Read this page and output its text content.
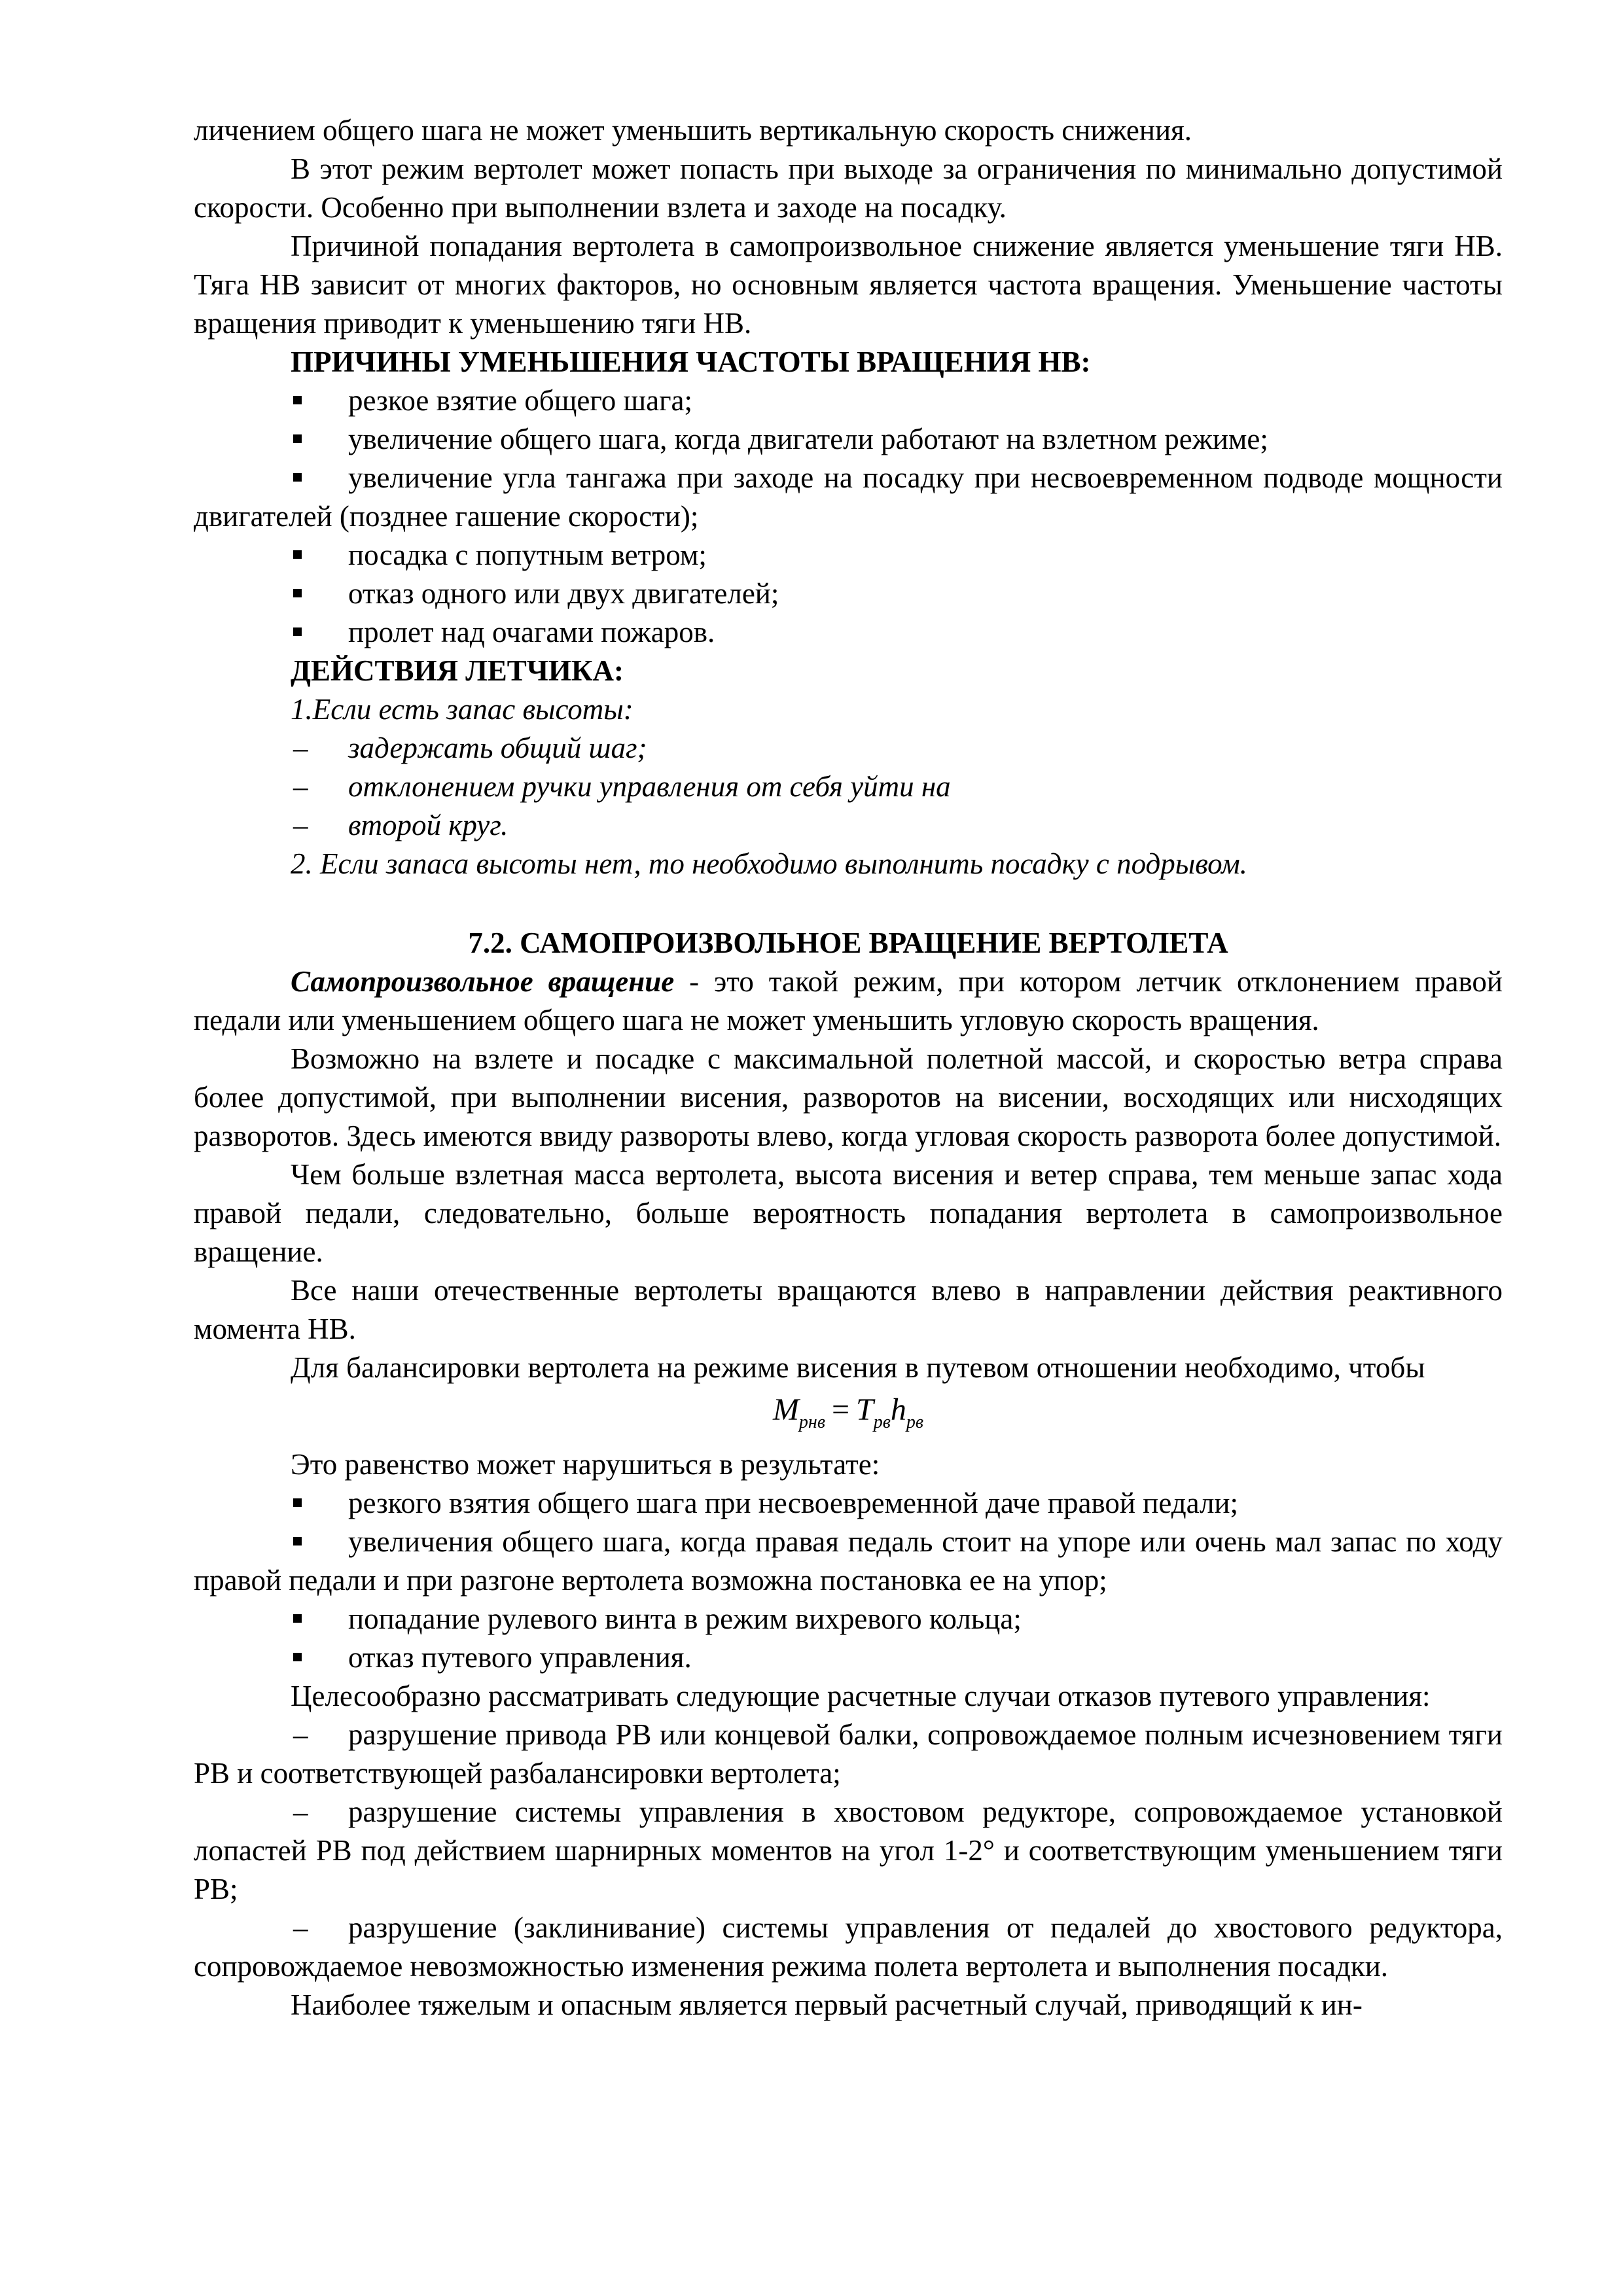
личением общего шага не может уменьшить вертикальную скорость снижения.

В этот режим вертолет может попасть при выходе за ограничения по минимально допустимой скорости. Особенно при выполнении взлета и заходе на посадку.

Причиной попадания вертолета в самопроизвольное снижение является уменьшение тяги НВ. Тяга НВ зависит от многих факторов, но основным является частота вращения. Уменьшение частоты вращения приводит к уменьшению тяги НВ.

ПРИЧИНЫ УМЕНЬШЕНИЯ ЧАСТОТЫ ВРАЩЕНИЯ НВ:

резкое взятие общего шага;
увеличение общего шага, когда двигатели работают на взлетном режиме;

увеличение угла тангажа при заходе на посадку при несвоевременном подводе мощности двигателей (позднее гашение скорости);

посадка с попутным ветром;
отказ одного или двух двигателей;
пролет над очагами пожаров.

ДЕЙСТВИЯ ЛЕТЧИКА:

1.Если есть запас высоты:

–	задержать общий шаг;
–	отклонением ручки управления от себя уйти на
–	второй круг.

2. Если запаса высоты нет, то необходимо выполнить посадку с подрывом.

7.2. САМОПРОИЗВОЛЬНОЕ ВРАЩЕНИЕ ВЕРТОЛЕТА

Самопроизвольное вращение - это такой режим, при котором летчик отклонением правой педали или уменьшением общего шага не может уменьшить угловую скорость вращения.

Возможно на взлете и посадке с максимальной полетной массой, и скоростью ветра справа более допустимой, при выполнении висения, разворотов на висении, восходящих или нисходящих разворотов. Здесь имеются ввиду развороты влево, когда угловая скорость разворота более допустимой.

Чем больше взлетная масса вертолета, высота висения и ветер справа, тем меньше запас хода правой педали, следовательно, больше вероятность попадания вертолета в самопроизвольное вращение.

Все наши отечественные вертолеты вращаются влево в направлении действия реактивного момента НВ.

Для балансировки вертолета на режиме висения в путевом отношении необходимо, чтобы

$M_{рнв} = T_{рв}h_{рв}$

Это равенство может нарушиться в результате:

резкого взятия общего шага при несвоевременной даче правой педали;

увеличения общего шага, когда правая педаль стоит на упоре или очень мал запас по ходу правой педали и при разгоне вертолета возможна постановка ее на упор;

попадание рулевого винта в режим вихревого кольца;
отказ путевого управления.

Целесообразно рассматривать следующие расчетные случаи отказов путевого управления:

– разрушение привода РВ или концевой балки, сопровождаемое полным исчезновением тяги РВ и соответствующей разбалансировки вертолета;

– разрушение системы управления в хвостовом редукторе, сопровождаемое установкой лопастей РВ под действием шарнирных моментов на угол 1-2° и соответствующим уменьшением тяги РВ;

– разрушение (заклинивание) системы управления от педалей до хвостового редуктора, сопровождаемое невозможностью изменения режима полета вертолета и выполнения посадки.

Наиболее тяжелым и опасным является первый расчетный случай, приводящий к ин-
